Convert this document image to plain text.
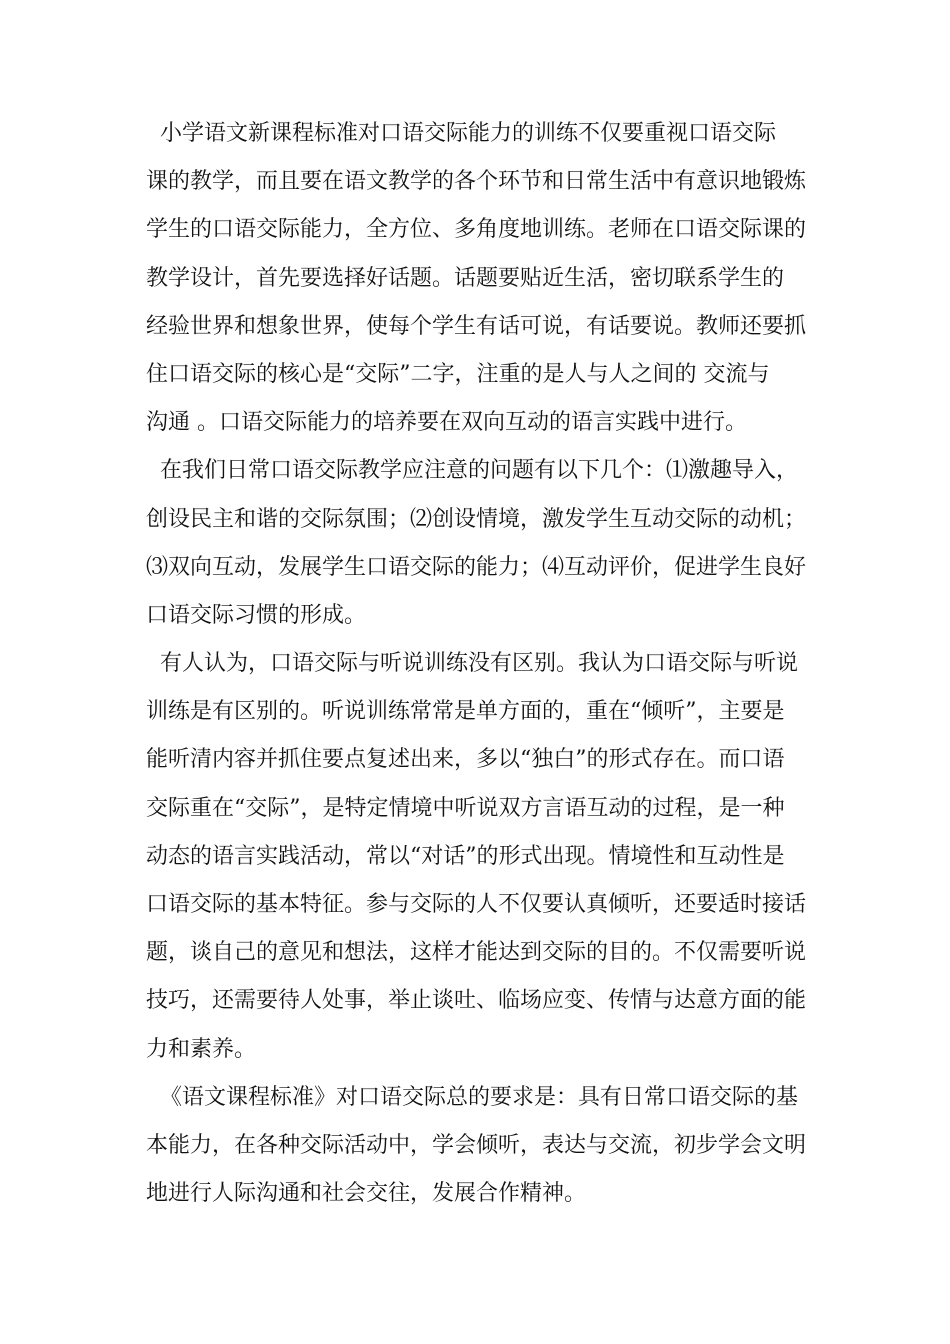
小学语文新课程标准对口语交际能力的训练不仅要重视口语交际
课的教学，而且要在语文教学的各个环节和日常生活中有意识地锻炼
学生的口语交际能力，全方位、多角度地训练。老师在口语交际课的
教学设计，首先要选择好话题。话题要贴近生活，密切联系学生的
经验世界和想象世界，使每个学生有话可说，有话要说。教师还要抓
住口语交际的核心是“交际”二字，注重的是人与人之间的 交流与
沟通 。口语交际能力的培养要在双向互动的语言实践中进行。
在我们日常口语交际教学应注意的问题有以下几个：⑴激趣导入，
创设民主和谐的交际氛围；⑵创设情境，激发学生互动交际的动机；
⑶双向互动，发展学生口语交际的能力；⑷互动评价，促进学生良好
口语交际习惯的形成。
有人认为，口语交际与听说训练没有区别。我认为口语交际与听说
训练是有区别的。听说训练常常是单方面的，重在“倾听”，主要是
能听清内容并抓住要点复述出来，多以“独白”的形式存在。而口语
交际重在“交际”，是特定情境中听说双方言语互动的过程，是一种
动态的语言实践活动，常以“对话”的形式出现。情境性和互动性是
口语交际的基本特征。参与交际的人不仅要认真倾听，还要适时接话
题，谈自己的意见和想法，这样才能达到交际的目的。不仅需要听说
技巧，还需要待人处事，举止谈吐、临场应变、传情与达意方面的能
力和素养。
《语文课程标准》对口语交际总的要求是：具有日常口语交际的基
本能力，在各种交际活动中，学会倾听，表达与交流，初步学会文明
地进行人际沟通和社会交往，发展合作精神。
